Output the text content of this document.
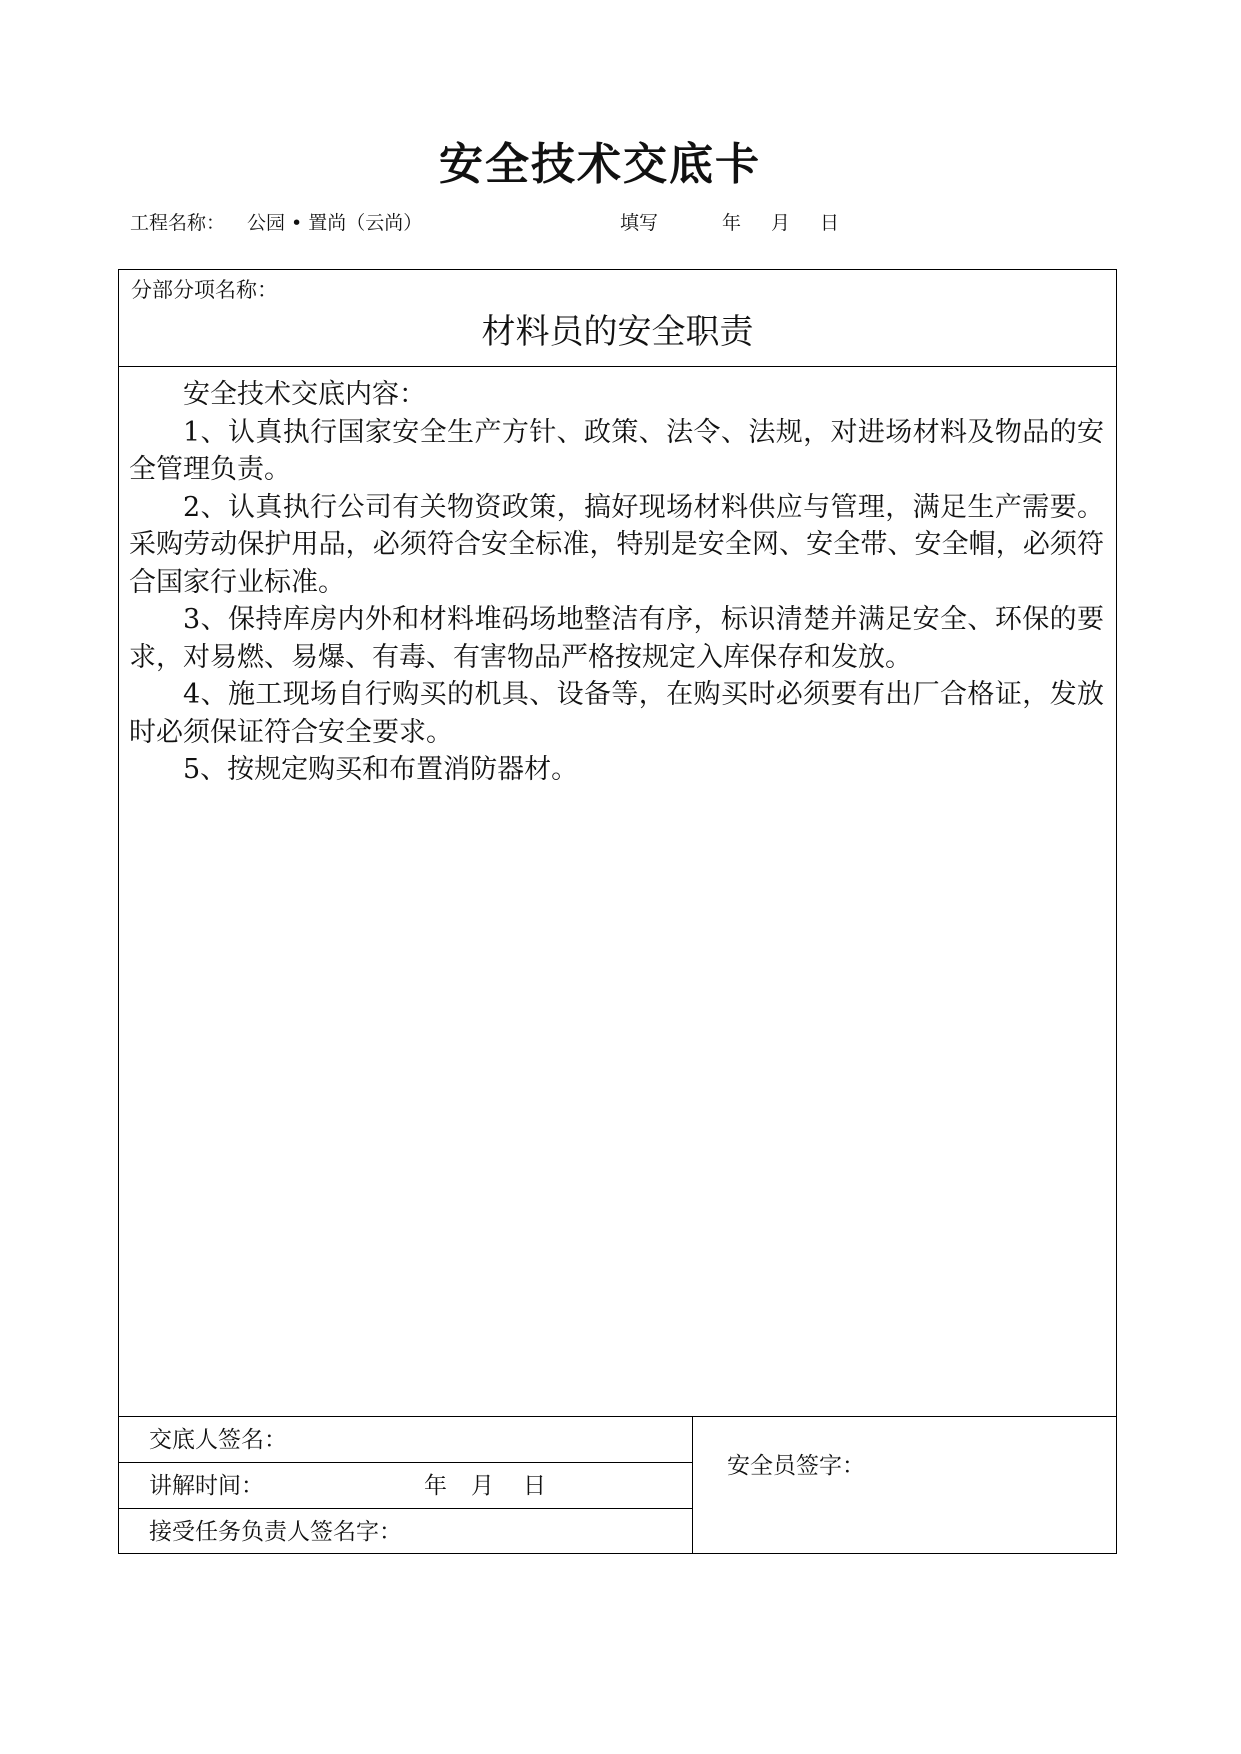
安全技术交底卡
工程名称： 公园 • 置尚（云尚）	填写	年 月 日
分部分项名称：
材料员的安全职责

安全技术交底内容：

1、认真执行国家安全生产方针、政策、法令、法规，对进场材料及物品的安全管理负责。

2、认真执行公司有关物资政策，搞好现场材料供应与管理，满足生产需要。采购劳动保护用品，必须符合安全标准，特别是安全网、安全带、安全帽，必须符合国家行业标准。

3、保持库房内外和材料堆码场地整洁有序，标识清楚并满足安全、环保的要求，对易燃、易爆、有毒、有害物品严格按规定入库保存和发放。

4、施工现场自行购买的机具、设备等，在购买时必须要有出厂合格证，发放时必须保证符合安全要求。

5、按规定购买和布置消防器材。

交底人签名：
讲解时间：	年 月 日
接受任务负责人签名字：
安全员签字：
